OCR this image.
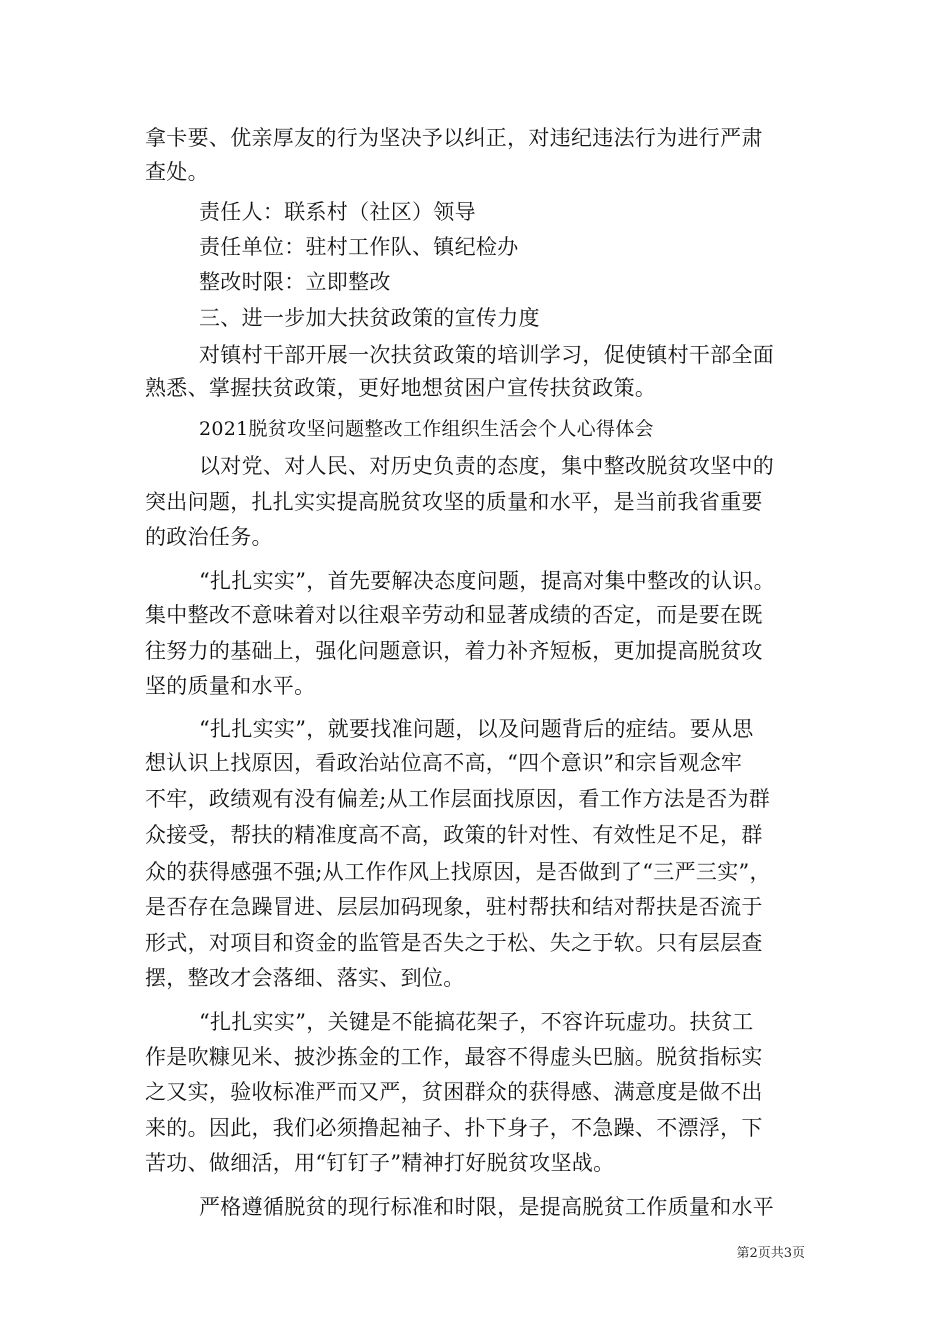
拿卡要、优亲厚友的行为坚决予以纠正，对违纪违法行为进行严肃
查处。
责任人：联系村（社区）领导
责任单位：驻村工作队、镇纪检办
整改时限：立即整改
三、进一步加大扶贫政策的宣传力度
对镇村干部开展一次扶贫政策的培训学习，促使镇村干部全面
熟悉、掌握扶贫政策，更好地想贫困户宣传扶贫政策。
2021脱贫攻坚问题整改工作组织生活会个人心得体会
以对党、对人民、对历史负责的态度，集中整改脱贫攻坚中的
突出问题，扎扎实实提高脱贫攻坚的质量和水平，是当前我省重要
的政治任务。
“扎扎实实”，首先要解决态度问题，提高对集中整改的认识。
集中整改不意味着对以往艰辛劳动和显著成绩的否定，而是要在既
往努力的基础上，强化问题意识，着力补齐短板，更加提高脱贫攻
坚的质量和水平。
“扎扎实实”，就要找准问题，以及问题背后的症结。要从思
想认识上找原因，看政治站位高不高，“四个意识”和宗旨观念牢
不牢，政绩观有没有偏差;从工作层面找原因，看工作方法是否为群
众接受，帮扶的精准度高不高，政策的针对性、有效性足不足，群
众的获得感强不强;从工作作风上找原因，是否做到了“三严三实”，
是否存在急躁冒进、层层加码现象，驻村帮扶和结对帮扶是否流于
形式，对项目和资金的监管是否失之于松、失之于软。只有层层查
摆，整改才会落细、落实、到位。
“扎扎实实”，关键是不能搞花架子，不容许玩虚功。扶贫工
作是吹糠见米、披沙拣金的工作，最容不得虚头巴脑。脱贫指标实
之又实，验收标准严而又严，贫困群众的获得感、满意度是做不出
来的。因此，我们必须撸起袖子、扑下身子，不急躁、不漂浮，下
苦功、做细活，用“钉钉子”精神打好脱贫攻坚战。
严格遵循脱贫的现行标准和时限，是提高脱贫工作质量和水平
第2页共3页
